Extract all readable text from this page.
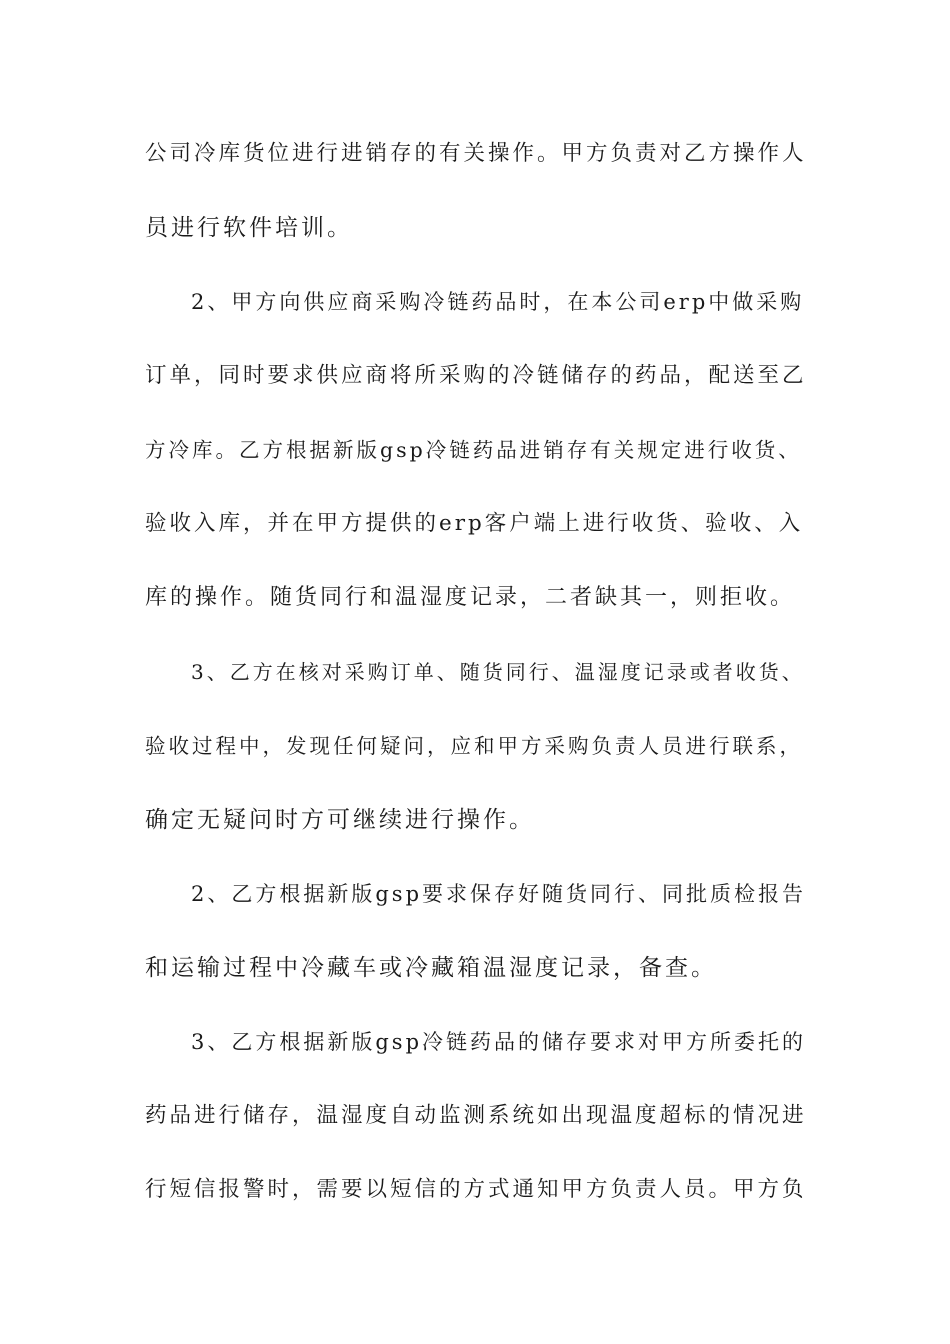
公司冷库货位进行进销存的有关操作。甲方负责对乙方操作人
员进行软件培训。
2、甲方向供应商采购冷链药品时，在本公司erp中做采购
订单，同时要求供应商将所采购的冷链储存的药品，配送至乙
方冷库。乙方根据新版gsp冷链药品进销存有关规定进行收货、
验收入库，并在甲方提供的erp客户端上进行收货、验收、入
库的操作。随货同行和温湿度记录，二者缺其一，则拒收。
3、乙方在核对采购订单、随货同行、温湿度记录或者收货、
验收过程中，发现任何疑问，应和甲方采购负责人员进行联系，
确定无疑问时方可继续进行操作。
2、乙方根据新版gsp要求保存好随货同行、同批质检报告
和运输过程中冷藏车或冷藏箱温湿度记录，备查。
3、乙方根据新版gsp冷链药品的储存要求对甲方所委托的
药品进行储存，温湿度自动监测系统如出现温度超标的情况进
行短信报警时，需要以短信的方式通知甲方负责人员。甲方负
